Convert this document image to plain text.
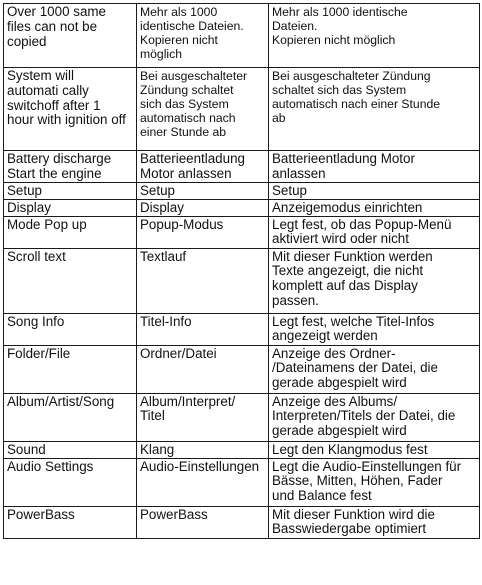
Over 1000 same
files can not be
copied	Mehr als 1000
identische Dateien.
Kopieren nicht
möglich	Mehr als 1000 identische
Dateien.
Kopieren nicht möglich
System will
automati cally
switchoff after 1
hour with ignition off	Bei ausgeschalteter
Zündung schaltet
sich das System
automatisch nach
einer Stunde ab	Bei ausgeschalteter Zündung
schaltet sich das System
automatisch nach einer Stunde
ab
Battery discharge
Start the engine	Batterieentladung
Motor anlassen	Batterieentladung Motor
anlassen
Setup	Setup	Setup
Display	Display	Anzeigemodus einrichten
Mode Pop up	Popup-Modus	Legt fest, ob das Popup-Menü
aktiviert wird oder nicht
Scroll text	Textlauf	Mit dieser Funktion werden
Texte angezeigt, die nicht
komplett auf das Display
passen.
Song Info	Titel-Info	Legt fest, welche Titel-Infos
angezeigt werden
Folder/File	Ordner/Datei	Anzeige des Ordner-
/Dateinamens der Datei, die
gerade abgespielt wird
Album/Artist/Song	Album/Interpret/
Titel	Anzeige des Albums/
Interpreten/Titels der Datei, die
gerade abgespielt wird
Sound	Klang	Legt den Klangmodus fest
Audio Settings	Audio-Einstellungen	Legt die Audio-Einstellungen für
Bässe, Mitten, Höhen, Fader
und Balance fest
PowerBass	PowerBass	Mit dieser Funktion wird die
Basswiedergabe optimiert
